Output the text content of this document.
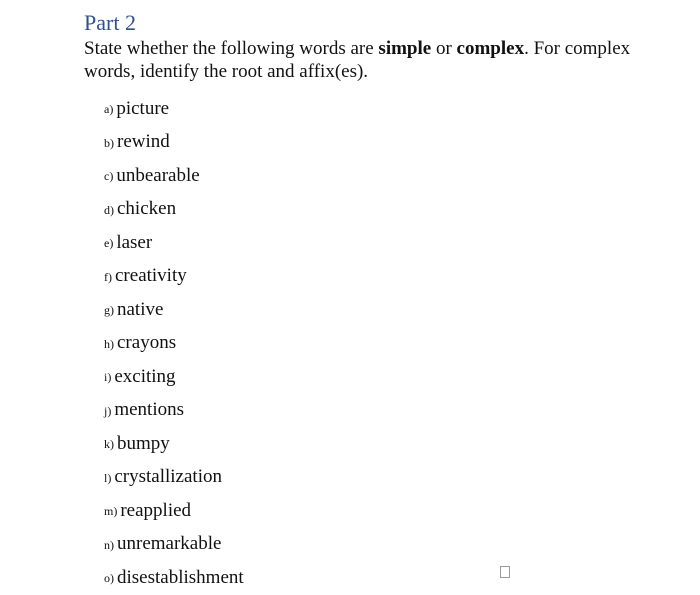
Part 2
State whether the following words are simple or complex. For complex words, identify the root and affix(es).
a) picture
b) rewind
c) unbearable
d) chicken
e) laser
f) creativity
g) native
h) crayons
i) exciting
j) mentions
k) bumpy
l) crystallization
m) reapplied
n) unremarkable
o) disestablishment
